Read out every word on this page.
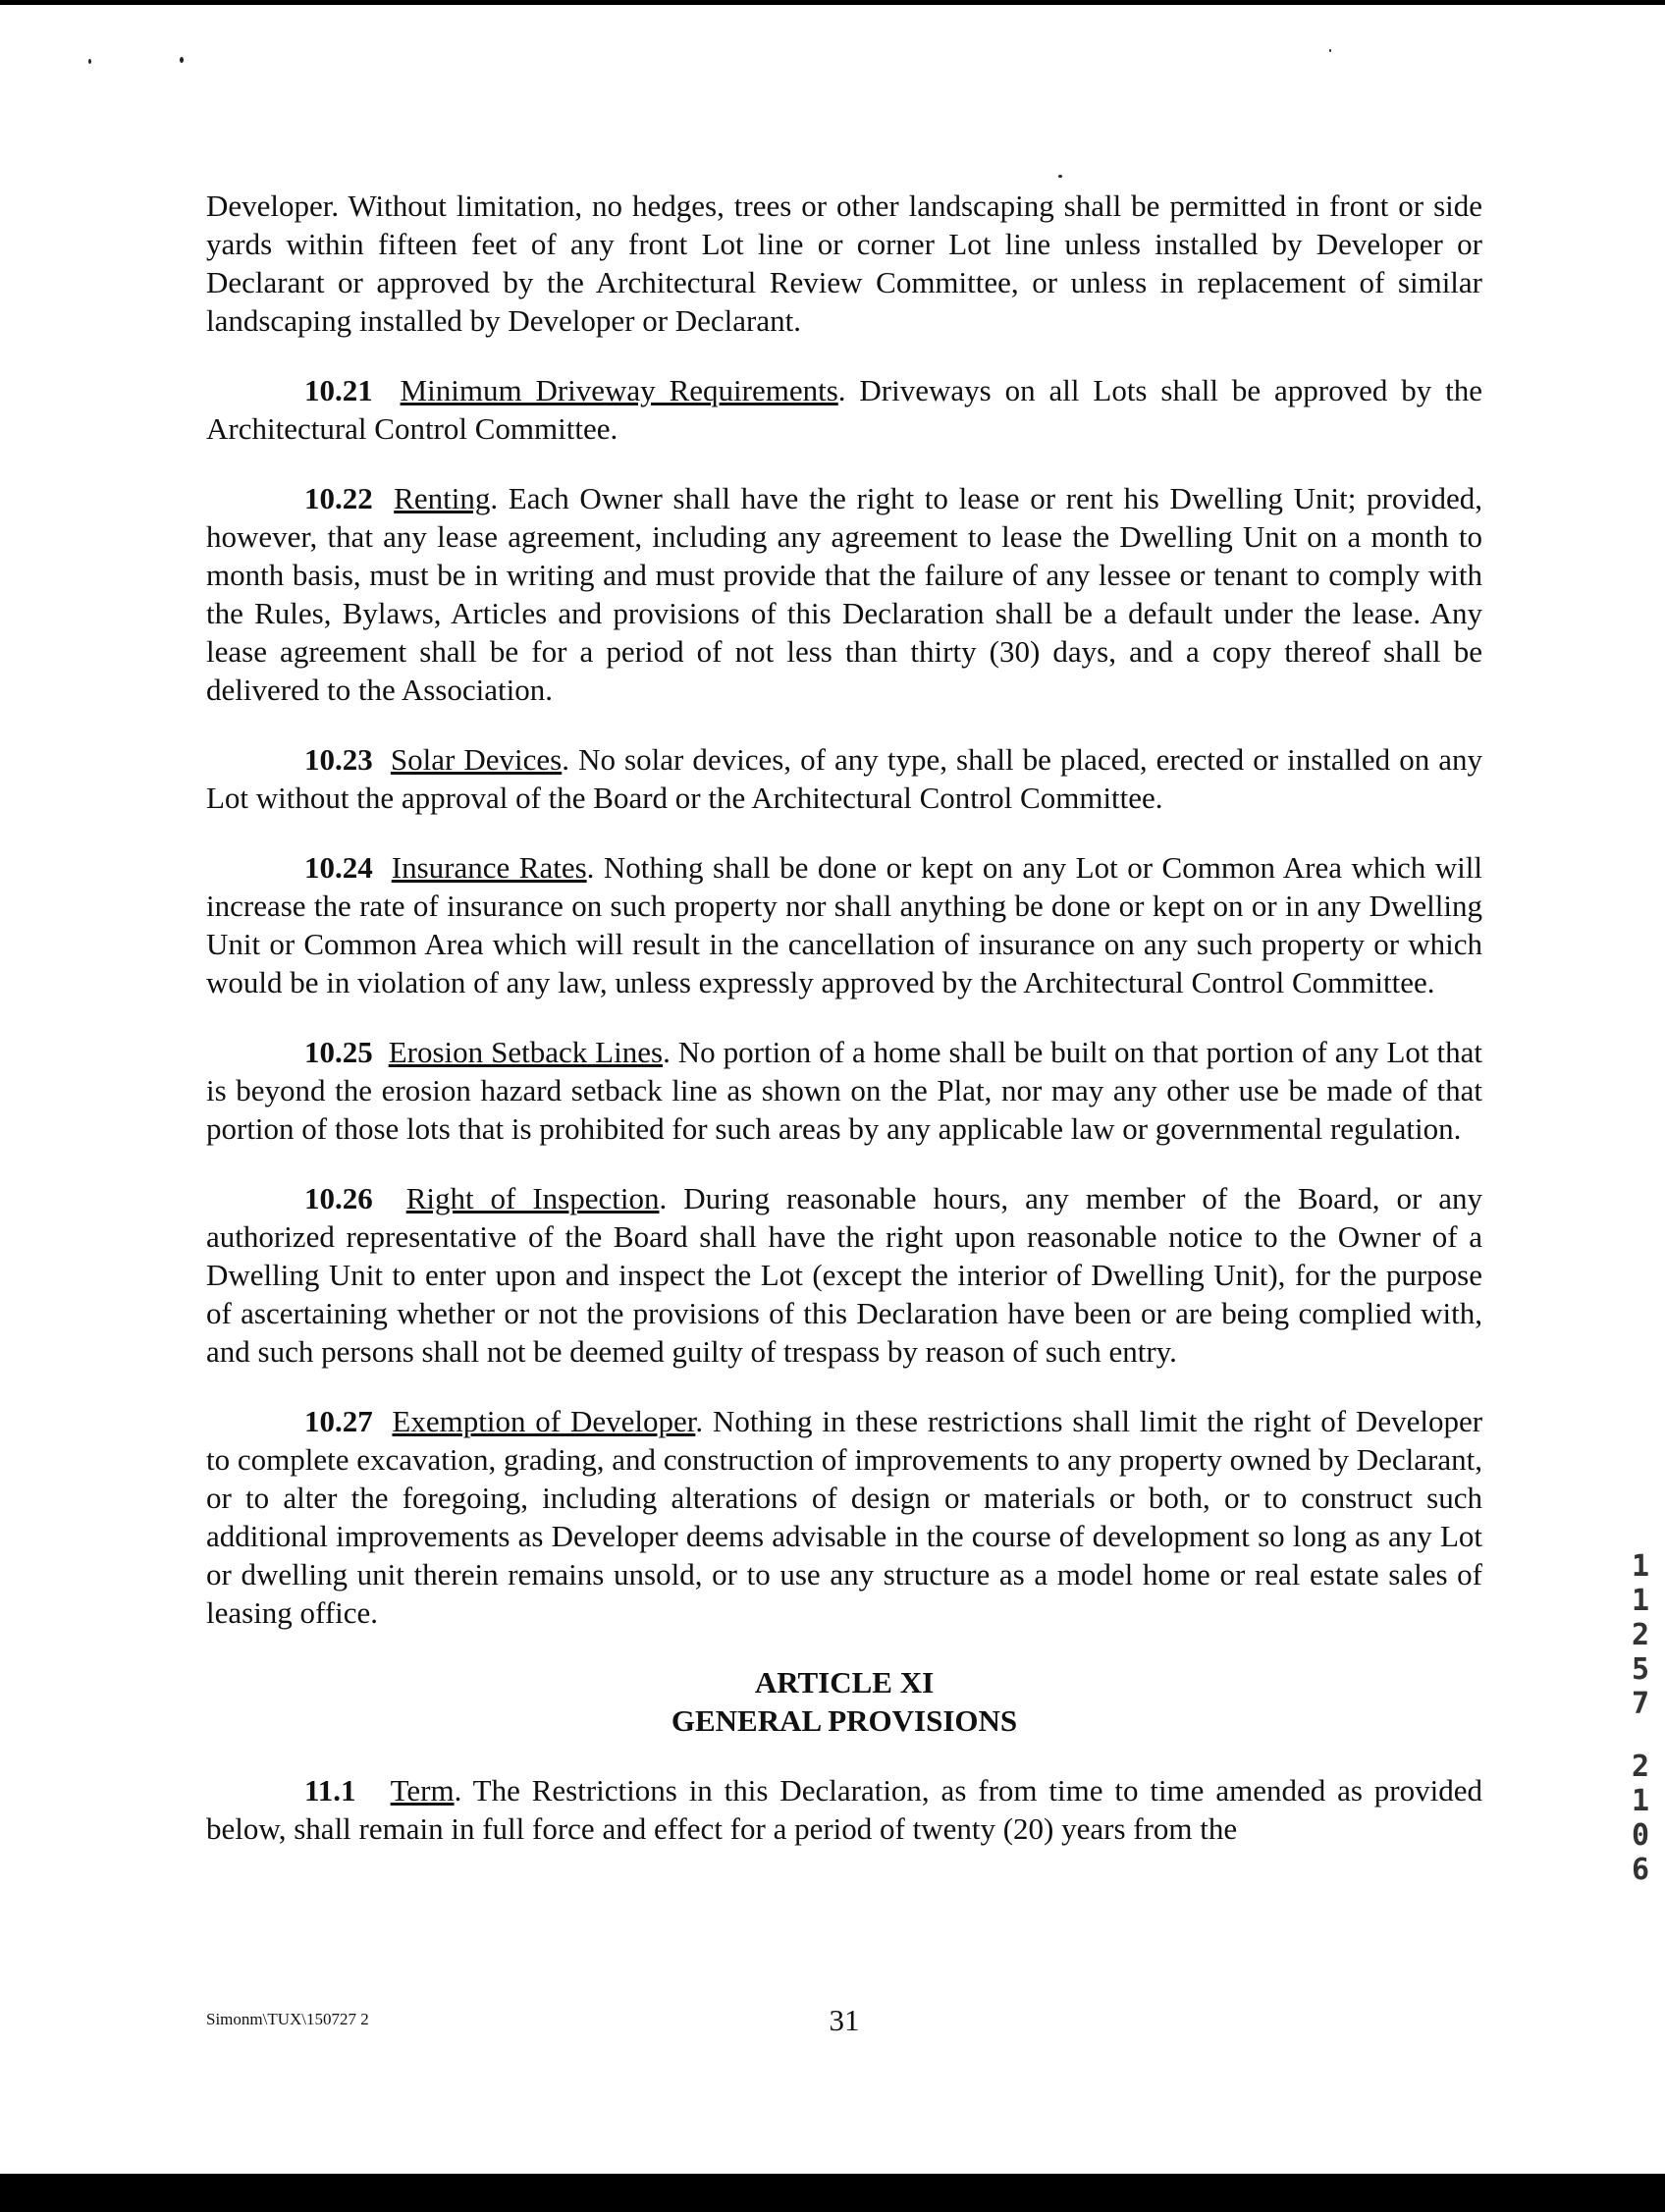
Developer. Without limitation, no hedges, trees or other landscaping shall be permitted in front or side yards within fifteen feet of any front Lot line or corner Lot line unless installed by Developer or Declarant or approved by the Architectural Review Committee, or unless in replacement of similar landscaping installed by Developer or Declarant.

10.21 Minimum Driveway Requirements. Driveways on all Lots shall be approved by the Architectural Control Committee.

10.22 Renting. Each Owner shall have the right to lease or rent his Dwelling Unit; provided, however, that any lease agreement, including any agreement to lease the Dwelling Unit on a month to month basis, must be in writing and must provide that the failure of any lessee or tenant to comply with the Rules, Bylaws, Articles and provisions of this Declaration shall be a default under the lease. Any lease agreement shall be for a period of not less than thirty (30) days, and a copy thereof shall be delivered to the Association.

10.23 Solar Devices. No solar devices, of any type, shall be placed, erected or installed on any Lot without the approval of the Board or the Architectural Control Committee.

10.24 Insurance Rates. Nothing shall be done or kept on any Lot or Common Area which will increase the rate of insurance on such property nor shall anything be done or kept on or in any Dwelling Unit or Common Area which will result in the cancellation of insurance on any such property or which would be in violation of any law, unless expressly approved by the Architectural Control Committee.

10.25 Erosion Setback Lines. No portion of a home shall be built on that portion of any Lot that is beyond the erosion hazard setback line as shown on the Plat, nor may any other use be made of that portion of those lots that is prohibited for such areas by any applicable law or governmental regulation.

10.26 Right of Inspection. During reasonable hours, any member of the Board, or any authorized representative of the Board shall have the right upon reasonable notice to the Owner of a Dwelling Unit to enter upon and inspect the Lot (except the interior of Dwelling Unit), for the purpose of ascertaining whether or not the provisions of this Declaration have been or are being complied with, and such persons shall not be deemed guilty of trespass by reason of such entry.

10.27 Exemption of Developer. Nothing in these restrictions shall limit the right of Developer to complete excavation, grading, and construction of improvements to any property owned by Declarant, or to alter the foregoing, including alterations of design or materials or both, or to construct such additional improvements as Developer deems advisable in the course of development so long as any Lot or dwelling unit therein remains unsold, or to use any structure as a model home or real estate sales of leasing office.

ARTICLE XI
GENERAL PROVISIONS

11.1 Term. The Restrictions in this Declaration, as from time to time amended as provided below, shall remain in full force and effect for a period of twenty (20) years from the

1
1
2
5
7
2
1
0
6
Simonm\TUX\150727 2	31
